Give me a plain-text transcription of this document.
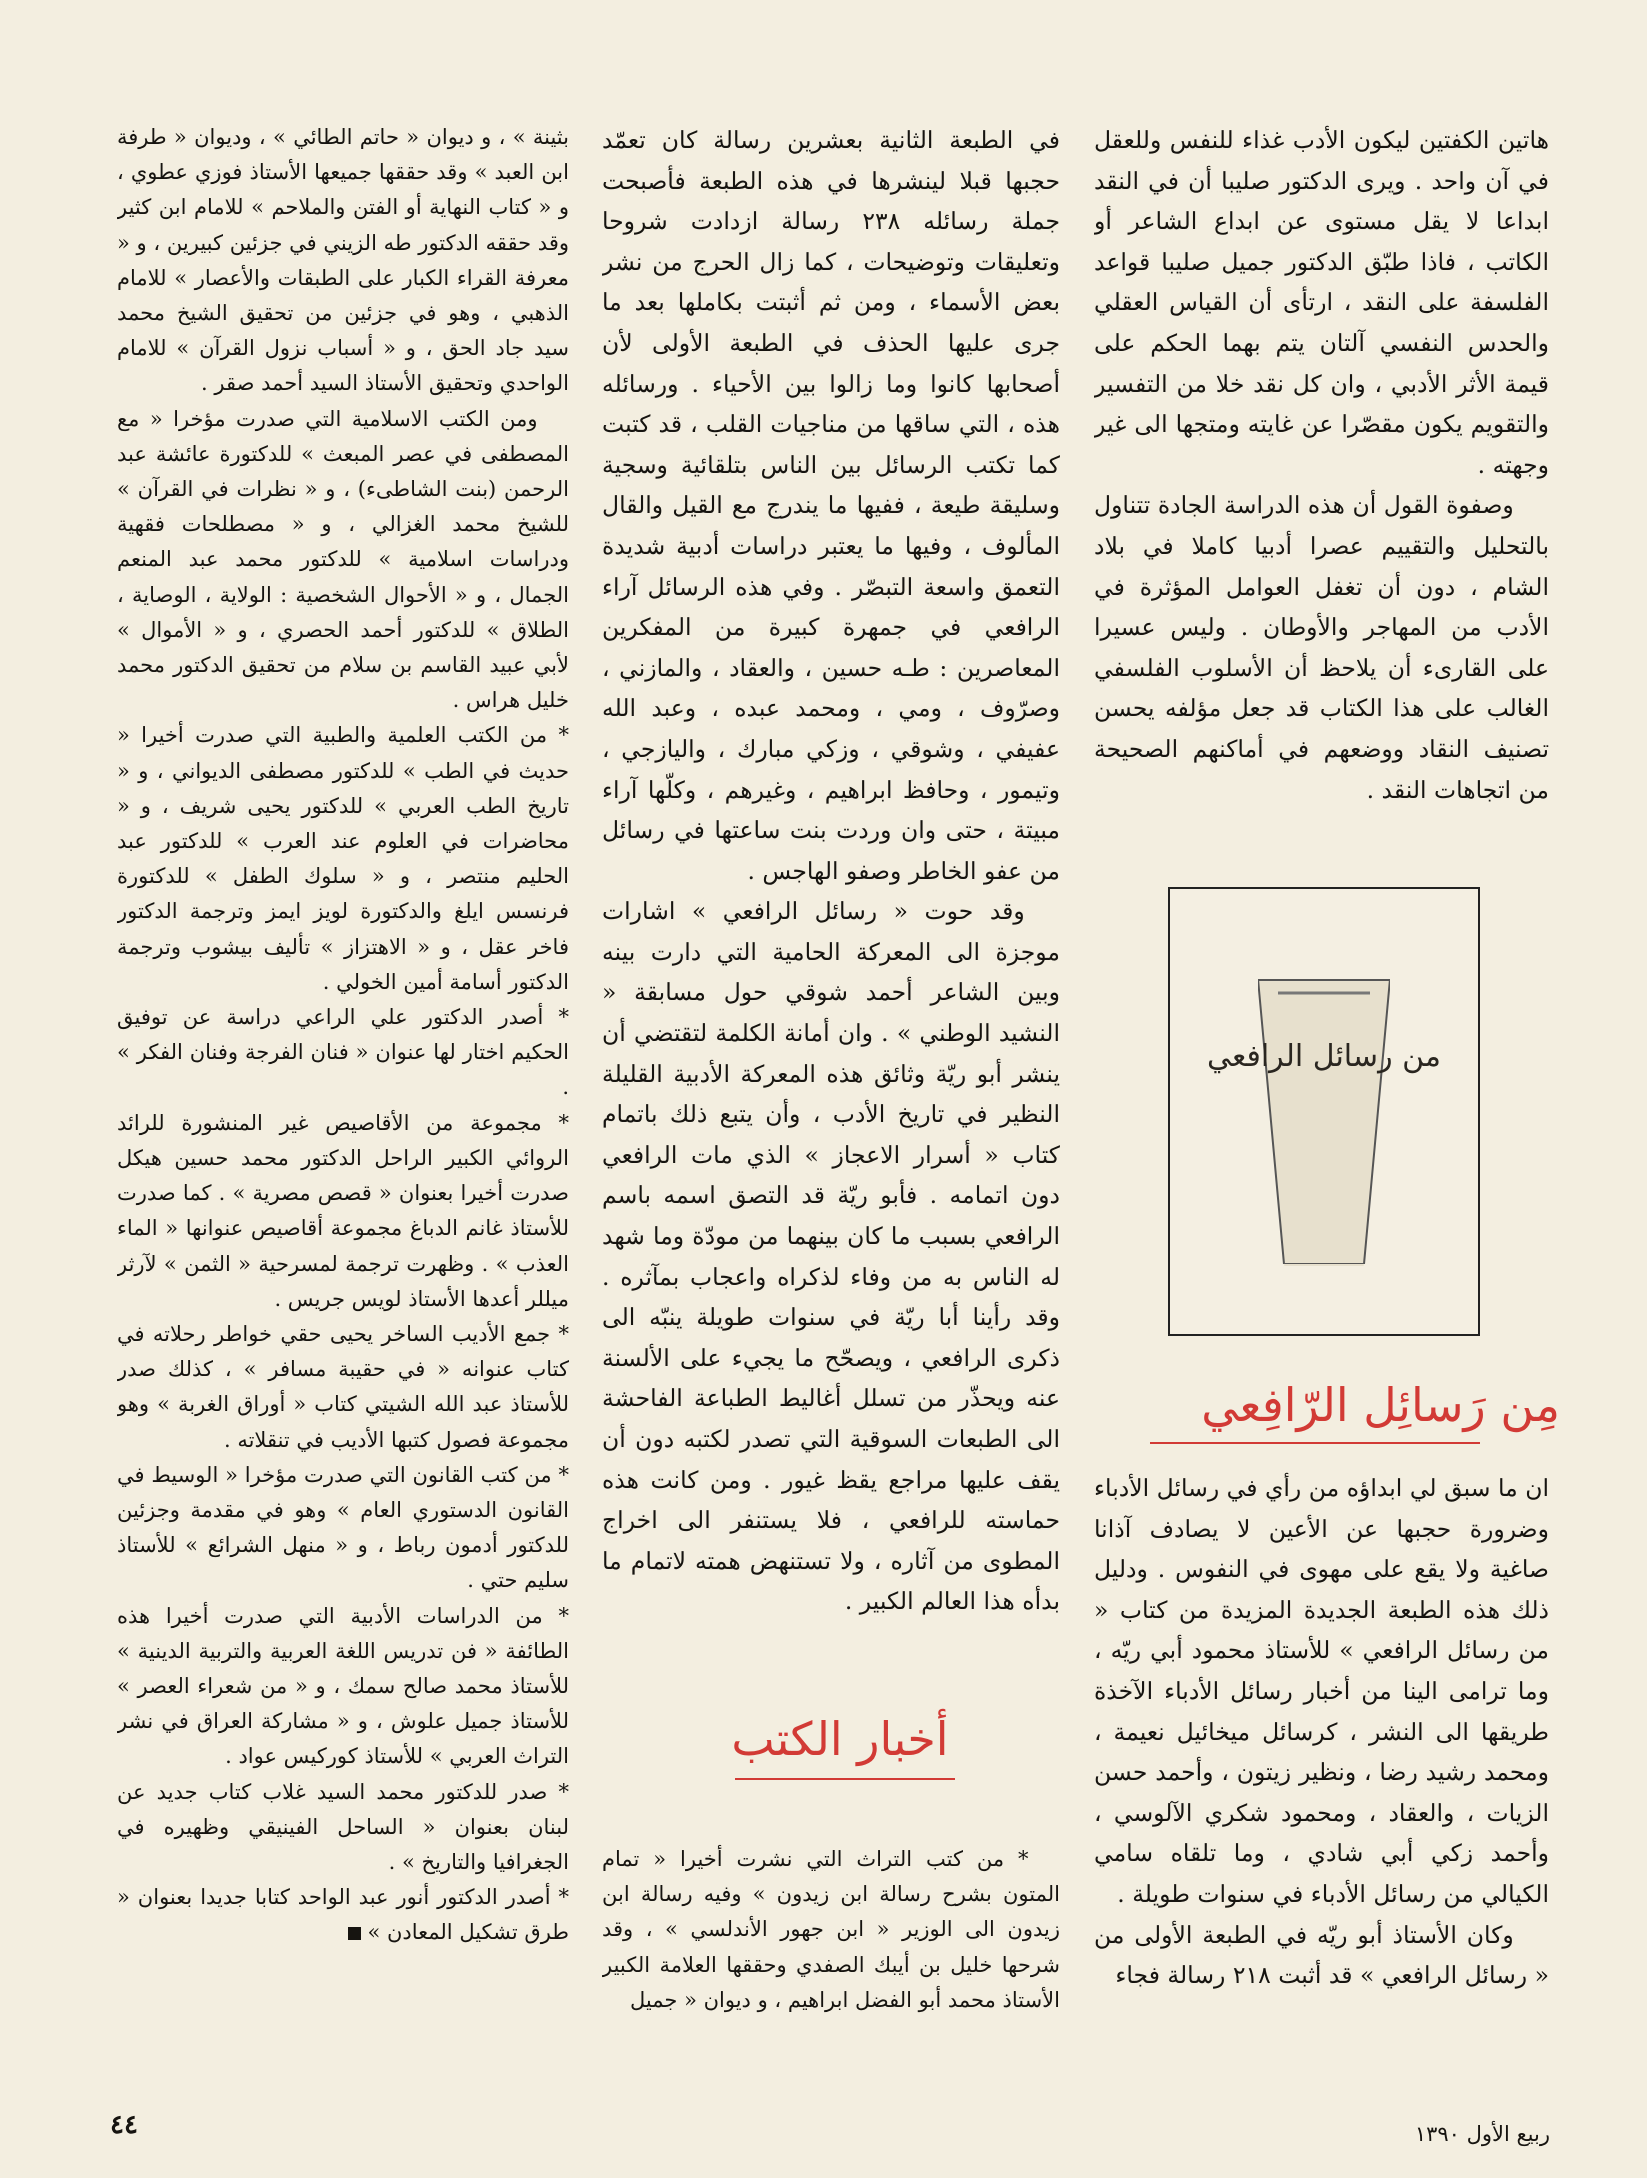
هاتين الكفتين ليكون الأدب غذاء للنفس وللعقل في آن واحد . ويرى الدكتور صليبا أن في النقد ابداعا لا يقل مستوى عن ابداع الشاعر أو الكاتب ، فاذا طبّق الدكتور جميل صليبا قواعد الفلسفة على النقد ، ارتأى أن القياس العقلي والحدس النفسي آلتان يتم بهما الحكم على قيمة الأثر الأدبي ، وان كل نقد خلا من التفسير والتقويم يكون مقصّرا عن غايته ومتجها الى غير وجهته .

وصفوة القول أن هذه الدراسة الجادة تتناول بالتحليل والتقييم عصرا أدبيا كاملا في بلاد الشام ، دون أن تغفل العوامل المؤثرة في الأدب من المهاجر والأوطان . وليس عسيرا على القارىء أن يلاحظ أن الأسلوب الفلسفي الغالب على هذا الكتاب قد جعل مؤلفه يحسن تصنيف النقاد ووضعهم في أماكنهم الصحيحة من اتجاهات النقد .

من رسائل الرافعي
مِن رَسائِل الرّافِعي

ان ما سبق لي ابداؤه من رأي في رسائل الأدباء وضرورة حجبها عن الأعين لا يصادف آذانا صاغية ولا يقع على مهوى في النفوس . ودليل ذلك هذه الطبعة الجديدة المزيدة من كتاب « من رسائل الرافعي » للأستاذ محمود أبي ريّه ، وما ترامى الينا من أخبار رسائل الأدباء الآخذة طريقها الى النشر ، كرسائل ميخائيل نعيمة ، ومحمد رشيد رضا ، ونظير زيتون ، وأحمد حسن الزيات ، والعقاد ، ومحمود شكري الآلوسي ، وأحمد زكي أبي شادي ، وما تلقاه سامي الكيالي من رسائل الأدباء في سنوات طويلة .

وكان الأستاذ أبو ريّه في الطبعة الأولى من « رسائل الرافعي » قد أثبت ٢١٨ رسالة فجاء

في الطبعة الثانية بعشرين رسالة كان تعمّد حجبها قبلا لينشرها في هذه الطبعة فأصبحت جملة رسائله ٢٣٨ رسالة ازدادت شروحا وتعليقات وتوضيحات ، كما زال الحرج من نشر بعض الأسماء ، ومن ثم أثبتت بكاملها بعد ما جرى عليها الحذف في الطبعة الأولى لأن أصحابها كانوا وما زالوا بين الأحياء . ورسائله هذه ، التي ساقها من مناجيات القلب ، قد كتبت كما تكتب الرسائل بين الناس بتلقائية وسجية وسليقة طيعة ، ففيها ما يندرج مع القيل والقال المألوف ، وفيها ما يعتبر دراسات أدبية شديدة التعمق واسعة التبصّر . وفي هذه الرسائل آراء الرافعي في جمهرة كبيرة من المفكرين المعاصرين : طـه حسين ، والعقاد ، والمازني ، وصرّوف ، ومي ، ومحمد عبده ، وعبد الله عفيفي ، وشوقي ، وزكي مبارك ، واليازجي ، وتيمور ، وحافظ ابراهيم ، وغيرهم ، وكلّها آراء مبيتة ، حتى وان وردت بنت ساعتها في رسائل من عفو الخاطر وصفو الهاجس .

وقد حوت « رسائل الرافعي » اشارات موجزة الى المعركة الحامية التي دارت بينه وبين الشاعر أحمد شوقي حول مسابقة « النشيد الوطني » . وان أمانة الكلمة لتقتضي أن ينشر أبو ريّة وثائق هذه المعركة الأدبية القليلة النظير في تاريخ الأدب ، وأن يتبع ذلك باتمام كتاب « أسرار الاعجاز » الذي مات الرافعي دون اتمامه . فأبو ريّة قد التصق اسمه باسم الرافعي بسبب ما كان بينهما من مودّة وما شهد له الناس به من وفاء لذكراه واعجاب بمآثره . وقد رأينا أبا ريّة في سنوات طويلة ينبّه الى ذكرى الرافعي ، ويصحّح ما يجيء على الألسنة عنه ويحذّر من تسلل أغاليط الطباعة الفاحشة الى الطبعات السوقية التي تصدر لكتبه دون أن يقف عليها مراجع يقظ غيور . ومن كانت هذه حماسته للرافعي ، فلا يستنفر الى اخراج المطوى من آثاره ، ولا تستنهض همته لاتمام ما بدأه هذا العالم الكبير .

أخبار الكتب

* من كتب التراث التي نشرت أخيرا « تمام المتون بشرح رسالة ابن زيدون » وفيه رسالة ابن زيدون الى الوزير « ابن جهور الأندلسي » ، وقد شرحها خليل بن أيبك الصفدي وحققها العلامة الكبير الأستاذ محمد أبو الفضل ابراهيم ، و ديوان « جميل

بثينة » ، و ديوان « حاتم الطائي » ، وديوان « طرفة ابن العبد » وقد حققها جميعها الأستاذ فوزي عطوي ، و « كتاب النهاية أو الفتن والملاحم » للامام ابن كثير وقد حققه الدكتور طه الزيني في جزئين كبيرين ، و « معرفة القراء الكبار على الطبقات والأعصار » للامام الذهبي ، وهو في جزئين من تحقيق الشيخ محمد سيد جاد الحق ، و « أسباب نزول القرآن » للامام الواحدي وتحقيق الأستاذ السيد أحمد صقر .

ومن الكتب الاسلامية التي صدرت مؤخرا « مع المصطفى في عصر المبعث » للدكتورة عائشة عبد الرحمن (بنت الشاطىء) ، و « نظرات في القرآن » للشيخ محمد الغزالي ، و « مصطلحات فقهية ودراسات اسلامية » للدكتور محمد عبد المنعم الجمال ، و « الأحوال الشخصية : الولاية ، الوصاية ، الطلاق » للدكتور أحمد الحصري ، و « الأموال » لأبي عبيد القاسم بن سلام من تحقيق الدكتور محمد خليل هراس .

* من الكتب العلمية والطبية التي صدرت أخيرا « حديث في الطب » للدكتور مصطفى الديواني ، و « تاريخ الطب العربي » للدكتور يحيى شريف ، و « محاضرات في العلوم عند العرب » للدكتور عبد الحليم منتصر ، و « سلوك الطفل » للدكتورة فرنسس ايلغ والدكتورة لويز ايمز وترجمة الدكتور فاخر عقل ، و « الاهتزاز » تأليف بيشوب وترجمة الدكتور أسامة أمين الخولي .

* أصدر الدكتور علي الراعي دراسة عن توفيق الحكيم اختار لها عنوان « فنان الفرجة وفنان الفكر » .

* مجموعة من الأقاصيص غير المنشورة للرائد الروائي الكبير الراحل الدكتور محمد حسين هيكل صدرت أخيرا بعنوان « قصص مصرية » . كما صدرت للأستاذ غانم الدباغ مجموعة أقاصيص عنوانها « الماء العذب » . وظهرت ترجمة لمسرحية « الثمن » لآرثر ميللر أعدها الأستاذ لويس جريس .

* جمع الأديب الساخر يحيى حقي خواطر رحلاته في كتاب عنوانه « في حقيبة مسافر » ، كذلك صدر للأستاذ عبد الله الشيتي كتاب « أوراق الغربة » وهو مجموعة فصول كتبها الأديب في تنقلاته .

* من كتب القانون التي صدرت مؤخرا « الوسيط في القانون الدستوري العام » وهو في مقدمة وجزئين للدكتور أدمون رباط ، و « منهل الشرائع » للأستاذ سليم حتي .

* من الدراسات الأدبية التي صدرت أخيرا هذه الطائفة « فن تدريس اللغة العربية والتربية الدينية » للأستاذ محمد صالح سمك ، و « من شعراء العصر » للأستاذ جميل علوش ، و « مشاركة العراق في نشر التراث العربي » للأستاذ كوركيس عواد .

* صدر للدكتور محمد السيد غلاب كتاب جديد عن لبنان بعنوان « الساحل الفينيقي وظهيره في الجغرافيا والتاريخ » .

* أصدر الدكتور أنور عبد الواحد كتابا جديدا بعنوان « طرق تشكيل المعادن »

٤٤	ربيع الأول ١٣٩٠
